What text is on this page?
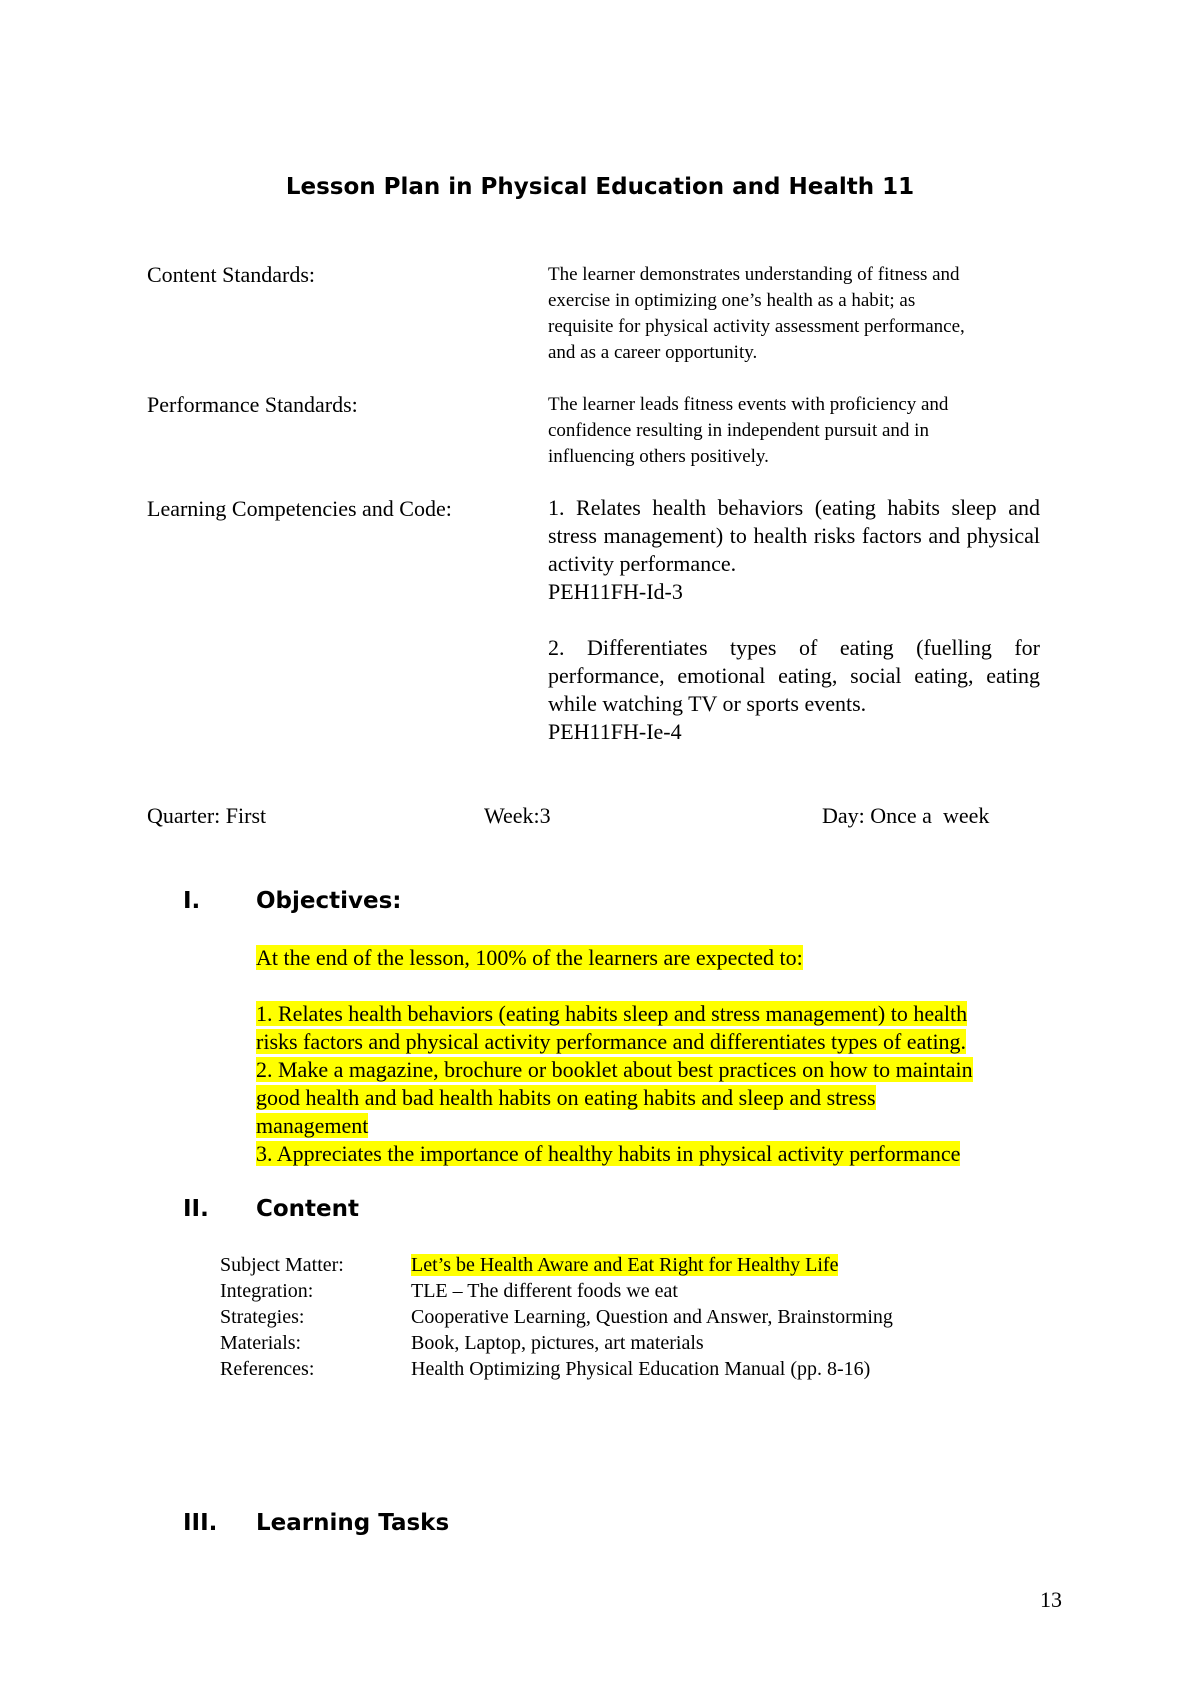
Lesson Plan in Physical Education and Health 11
Content Standards:	The learner demonstrates understanding of fitness and
exercise in optimizing one’s health as a habit; as
requisite for physical activity assessment performance,
and as a career opportunity.
Performance Standards:	The learner leads fitness events with proficiency and
confidence resulting in independent pursuit and in
influencing others positively.
Learning Competencies and Code:	1. Relates health behaviors (eating habits sleep and stress management) to health risks factors and physical activity performance.
PEH11FH-Id-3
2. Differentiates types of eating (fuelling for performance, emotional eating, social eating, eating while watching TV or sports events.
PEH11FH-Ie-4
Quarter: First	Week:3	Day: Once a  week
I. Objectives:
At the end of the lesson, 100% of the learners are expected to:
1. Relates health behaviors (eating habits sleep and stress management) to health
risks factors and physical activity performance and differentiates types of eating.
2. Make a magazine, brochure or booklet about best practices on how to maintain
good health and bad health habits on eating habits and sleep and stress
management
3. Appreciates the importance of healthy habits in physical activity performance
II. Content
Subject Matter:	Let’s be Health Aware and Eat Right for Healthy Life
Integration:	TLE – The different foods we eat
Strategies:	Cooperative Learning, Question and Answer, Brainstorming
Materials:	Book, Laptop, pictures, art materials
References:	Health Optimizing Physical Education Manual (pp. 8-16)
III. Learning Tasks
13
